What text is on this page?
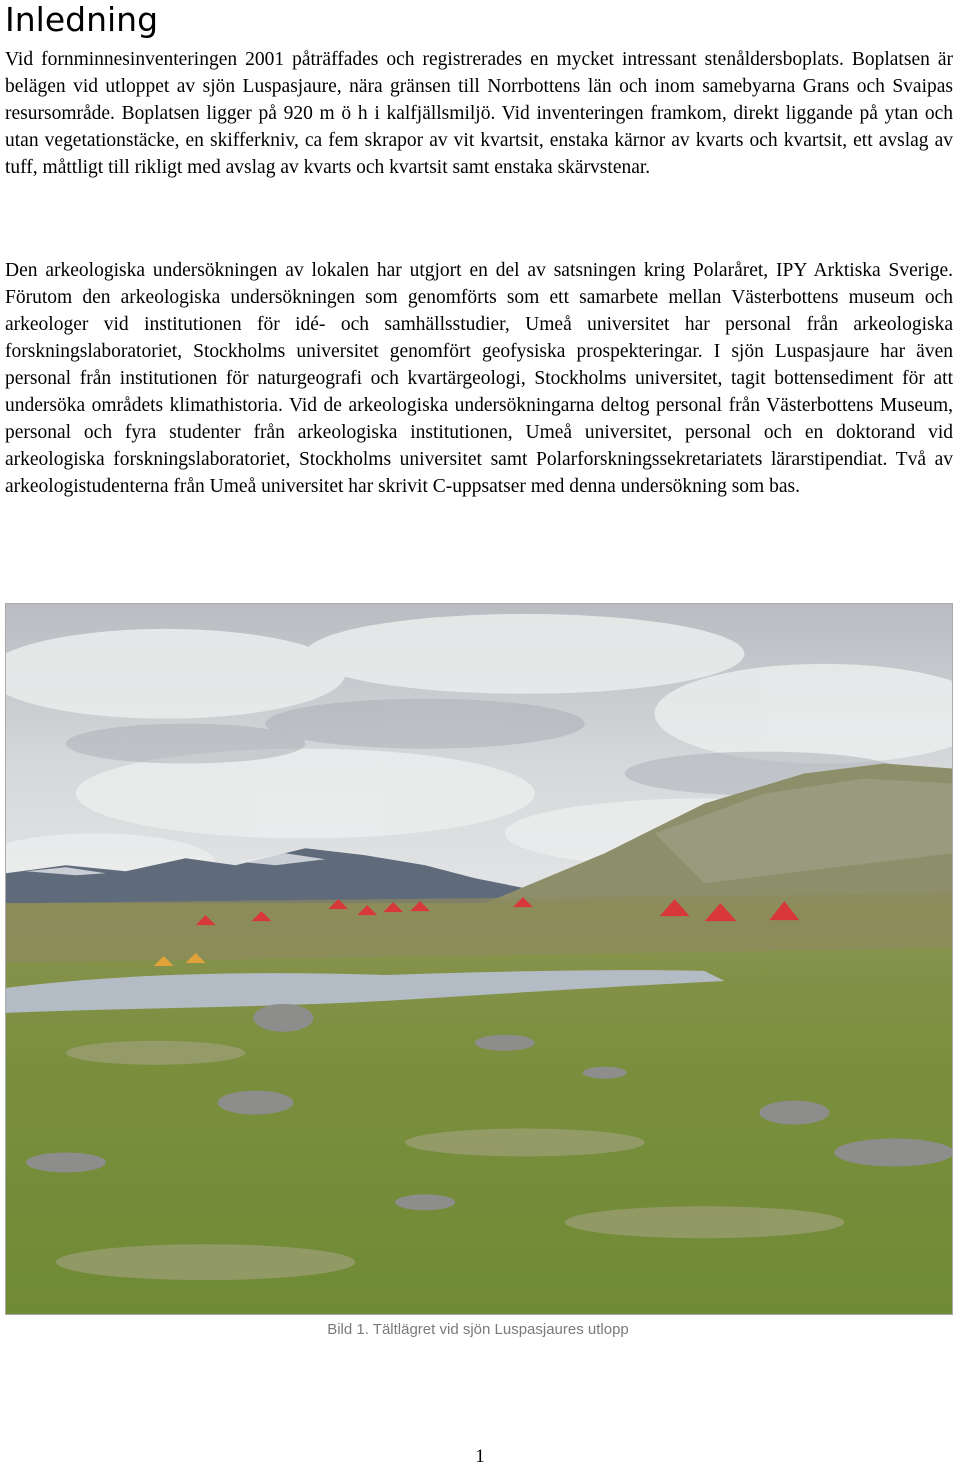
Inledning

Vid fornminnesinventeringen 2001 påträffades och registrerades en mycket intressant stenåldersboplats. Boplatsen är belägen vid utloppet av sjön Luspasjaure, nära gränsen till Norrbottens län och inom samebyarna Grans och Svaipas resursområde. Boplatsen ligger på 920 m ö h i kalfjällsmiljö. Vid inventeringen framkom, direkt liggande på ytan och utan vegetationstäcke, en skifferkniv, ca fem skrapor av vit kvartsit, enstaka kärnor av kvarts och kvartsit, ett avslag av tuff, måttligt till rikligt med avslag av kvarts och kvartsit samt enstaka skärvstenar.

Den arkeologiska undersökningen av lokalen har utgjort en del av satsningen kring Polaråret, IPY Arktiska Sverige. Förutom den arkeologiska undersökningen som genomförts som ett samarbete mellan Västerbottens museum och arkeologer vid institutionen för idé- och samhällsstudier, Umeå universitet har personal från arkeologiska forskningslaboratoriet, Stockholms universitet genomfört geofysiska prospekteringar. I sjön Luspasjaure har även personal från institutionen för naturgeografi och kvartärgeologi, Stockholms universitet, tagit bottensediment för att undersöka områdets klimathistoria. Vid de arkeologiska undersökningarna deltog personal från Västerbottens Museum, personal och fyra studenter från arkeologiska institutionen, Umeå universitet, personal och en doktorand vid arkeologiska forskningslaboratoriet, Stockholms universitet samt Polarforskningssekretariatets lärarstipendiat. Två av arkeologistudenterna från Umeå universitet har skrivit C-uppsatser med denna undersökning som bas.

Bild 1. Tältlägret vid sjön Luspasjaures utlopp

1
